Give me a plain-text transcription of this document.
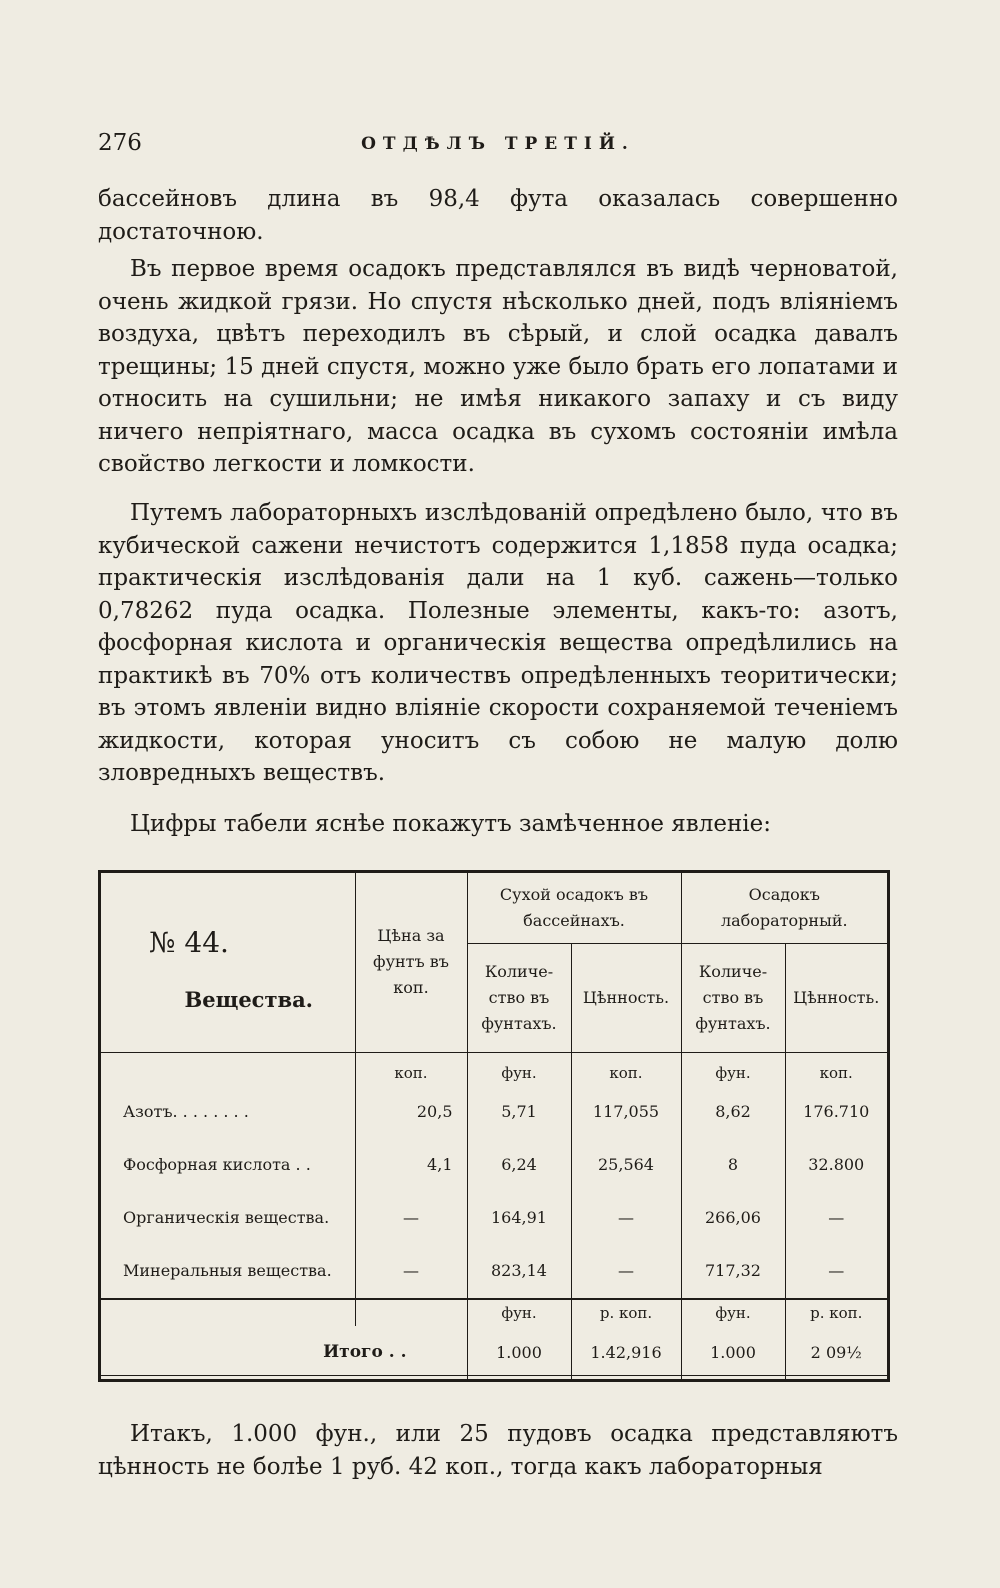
276	ОТДѢЛЪ ТРЕТІЙ.

бассейновъ длина въ 98,4 фута оказалась совершенно достаточною.

Въ первое время осадокъ представлялся въ видѣ черноватой, очень жидкой грязи. Но спустя нѣсколько дней, подъ вліяніемъ воздуха, цвѣтъ переходилъ въ сѣрый, и слой осадка давалъ трещины; 15 дней спустя, можно уже было брать его лопатами и относить на сушильни; не имѣя никакого запаху и съ виду ничего непріятнаго, масса осадка въ сухомъ состояніи имѣла свойство легкости и ломкости.

Путемъ лабораторныхъ изслѣдованій опредѣлено было, что въ кубической сажени нечистотъ содержится 1,1858 пуда осадка; практическія изслѣдованія дали на 1 куб. сажень—только 0,78262 пуда осадка. Полезные элементы, какъ-то: азотъ, фосфорная кислота и органическія вещества опредѣлились на практикѣ въ 70% отъ количествъ опредѣленныхъ теоритически; въ этомъ явленіи видно вліяніе скорости сохраняемой теченіемъ жидкости, которая уноситъ съ собою не малую долю зловредныхъ веществъ.

Цифры табели яснѣе покажутъ замѣченное явленіе:

№ 44.
Вещества.	Цѣна за фунтъ въ коп.	Сухой осадокъ въ бассейнахъ.		Осадокъ лабораторный.	
		Количество въ фунтахъ.	Цѣнность.	Количество въ фунтахъ.	Цѣнность.

	коп.	фун.	коп.	фун.	коп.
Азотъ. . . . . . . .	20,5	5,71	117,055	8,62	176.710
Фосфорная кислота . .	4,1	6,24	25,564	8	32.800
Органическія вещества.	—	164,91	—	266,06	—
Минеральныя вещества.	—	823,14	—	717,32	—
		фун.	р. коп.	фун.	р. коп.
Итого . .		1.000	1.42,916	1.000	2 09½

Итакъ, 1.000 фун., или 25 пудовъ осадка представляютъ цѣнность не болѣе 1 руб. 42 коп., тогда какъ лабораторныя
